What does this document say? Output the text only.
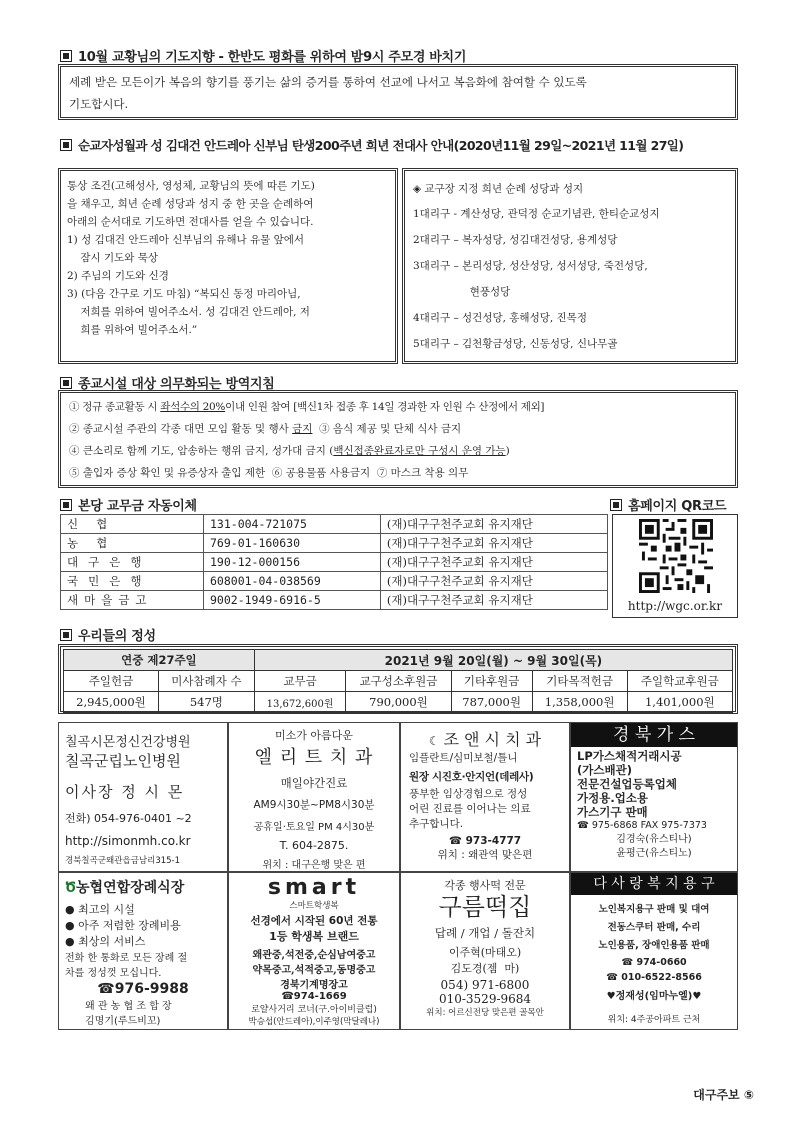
10월 교황님의 기도지향 - 한반도 평화를 위하여 밤9시 주모경 바치기
세례 받은 모든이가 복음의 향기를 풍기는 삶의 증거를 통하여 선교에 나서고 복음화에 참여할 수 있도록
기도합시다.
순교자성월과 성 김대건 안드레아 신부님 탄생200주년 희년 전대사 안내(2020년11월 29일~2021년 11월 27일)
통상 조건(고해성사, 영성체, 교황님의 뜻에 따른 기도)
을 채우고, 희년 순례 성당과 성지 중 한 곳을 순례하여
아래의 순서대로 기도하면 전대사를 얻을 수 있습니다.
1) 성 김대건 안드레아 신부님의 유해나 유물 앞에서
잠시 기도와 묵상
2) 주님의 기도와 신경
3) (다음 간구로 기도 마침) “복되신 동정 마리아님,
저희를 위하여 빌어주소서. 성 김대건 안드레아, 저
희를 위하여 빌어주소서.”
◈ 교구장 지정 희년 순례 성당과 성지
1대리구 - 계산성당, 관덕정 순교기념관, 한티순교성지
2대리구 – 복자성당, 성김대건성당, 용계성당
3대리구 – 본리성당, 성산성당, 성서성당, 죽전성당,
현풍성당
4대리구 – 성건성당, 홍해성당, 진목정
5대리구 – 김천황금성당, 신동성당, 신나무골
종교시설 대상 의무화되는 방역지침
① 정규 종교활동 시 좌석수의 20%이내 인원 참여 [백신1차 접종 후 14일 경과한 자 인원 수 산정에서 제외]
② 종교시설 주관의 각종 대면 모임 활동 및 행사 금지  ③ 음식 제공 및 단체 식사 금지
④ 큰소리로 함께 기도, 암송하는 행위 금지, 성가대 금지 (백신접종완료자로만 구성시 운영 가능)
⑤ 출입자 증상 확인 및 유증상자 출입 제한  ⑥ 공용물품 사용금지  ⑦ 마스크 착용 의무
본당 교무금 자동이체	홈페이지 QR코드
신협	131-004-721075	(재)대구구천주교회 유지재단
농협	769-01-160630	(재)대구구천주교회 유지재단
대구은행	190-12-000156	(재)대구구천주교회 유지재단
국민은행	608001-04-038569	(재)대구구천주교회 유지재단
새마을금고	9002-1949-6916-5	(재)대구구천주교회 유지재단	http://wgc.or.kr
우리들의 정성
연중 제27주일		2021년 9월 20일(월) ~ 9월 30일(목)				
주일헌금	미사참례자 수	교무금	교구성소후원금	기타후원금	기타목적헌금	주일학교후원금
2,945,000원	547명	13,672,600원	790,000원	787,000원	1,358,000원	1,401,000원
칠곡시몬정신건강병원
칠곡군립노인병원
이사장 정 시 몬
전화) 054-976-0401 ~2
http://simonmh.co.kr
경북칠곡군왜관읍금남리315-1
미소가 아름다운
엘 리 트 치 과
매일야간진료
AM9시30분~PM8시30분
공휴일·토요일 PM 4시30분
T. 604-2875.
위치 : 대구은행 맞은 편
☾ 조 앤 시 치 과
임플란트/심미보철/틀니
원장 시진호·안지언(데레사)
풍부한 임상경험으로 정성
어린 진료를 이어나는 의료
추구합니다.
☎ 973-4777
위치 : 왜관역 맞은편
경 북 가 스
LP가스채적거래시공
(가스배관)
전문건설업등록업체
가정용.업소용
가스기구 판매
☎ 975-6868 FAX 975-7373
김경숙(유스티나)
윤평근(유스티노)
Ծ농협연합장례식장
● 최고의 시설
● 아주 저렴한 장례비용
● 최상의 서비스
전화 한 통화로 모든 장례 절
차를 정성껏 모십니다.
☎976-9988
왜 관 농 협 조 합 장
김명기(루드비꼬)
smart
스마트학생복
선경에서 시작된 60년 전통
1등 학생복 브랜드
왜관중,석전중,순심남여중고
약목중고,석적중고,동명중고
경북기계명장고
☎974-1669
로얄사거리 코너(구.아이비클럽)
박승섭(안드레아),이주영(막달레나)
각종 행사떡 전문
구름떡집
답례 / 개업 / 돌잔치
이주혁(마태오)
김도경(젬  마)
054) 971-6800
010-3529-9684
위치: 어르신전당 맞은편 골목안
다 사 랑 복 지 용 구
노인복지용구 판매 및 대여
전동스쿠터 판매, 수리
노인용품, 장애인용품 판매
☎ 974-0660
☎ 010-6522-8566
♥정재성(임마누엘)♥
위치: 4주공아파트 근처
대구주보 ⑤
